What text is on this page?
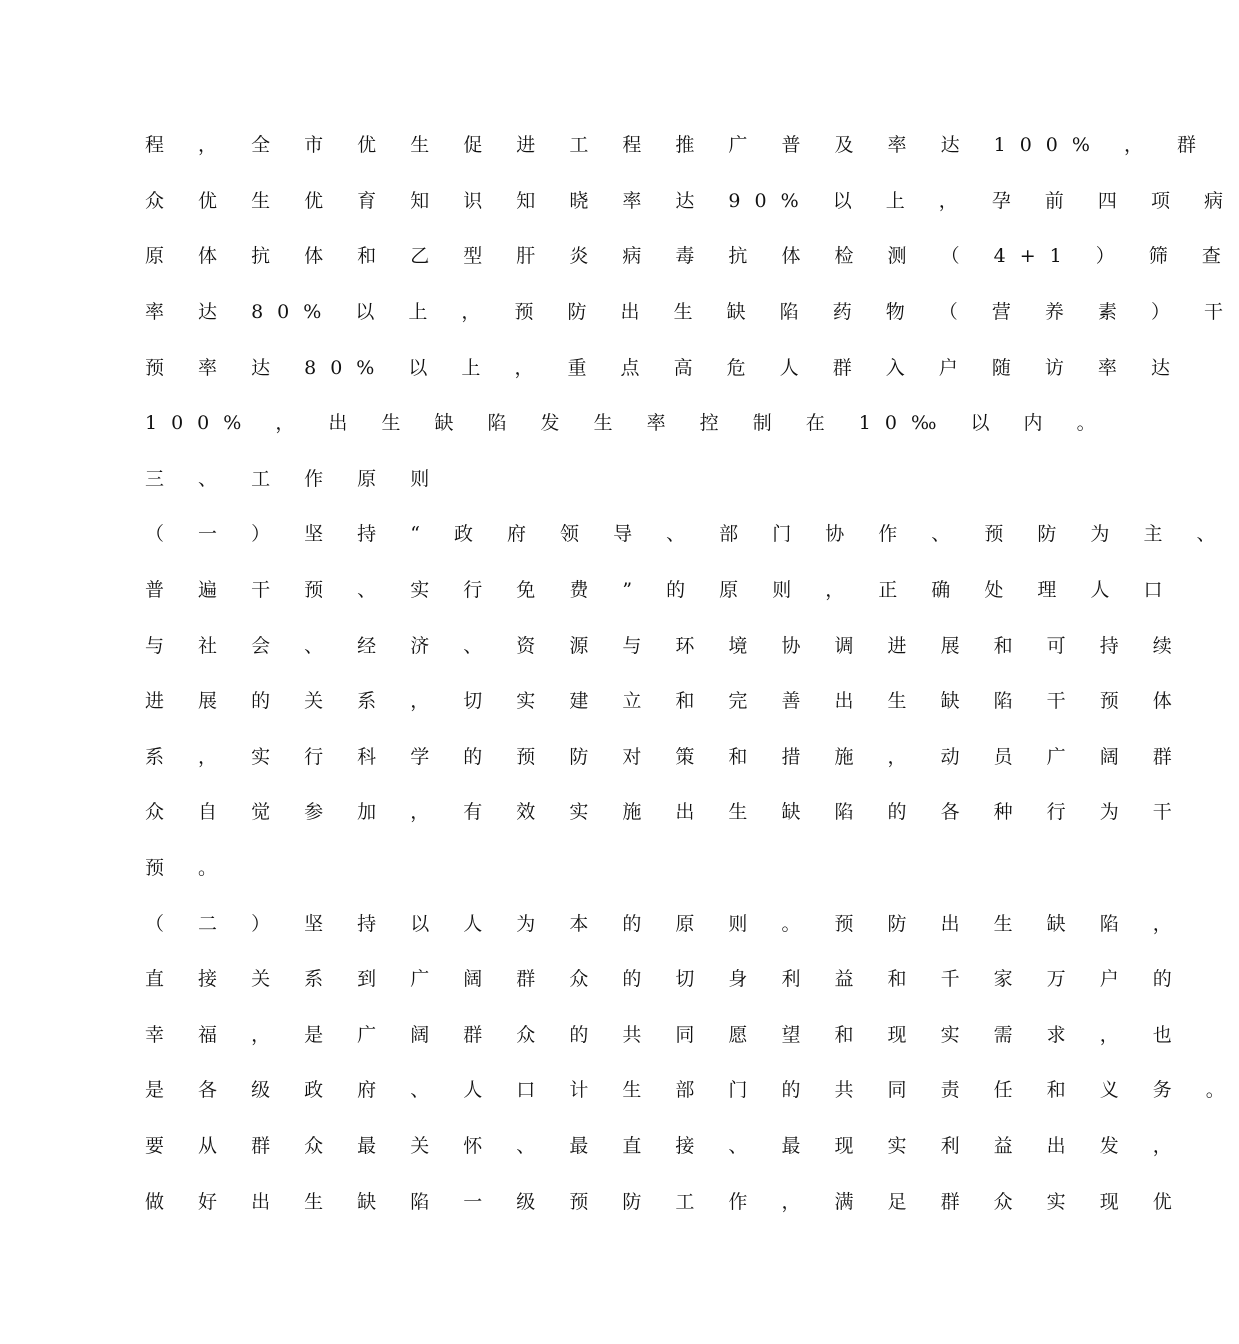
程 ， 全 市 优 生 促 进 工 程 推 广 普 及 率 达 100% ， 群

众 优 生 优 育 知 识 知 晓 率 达 90% 以 上 ， 孕 前 四 项 病

原 体 抗 体 和 乙 型 肝 炎 病 毒 抗 体 检 测 （ 4+1 ） 筛 查

率 达 80% 以 上 ， 预 防 出 生 缺 陷 药 物 （ 营 养 素 ） 干

预 率 达 80% 以 上 ， 重 点 高 危 人 群 入 户 随 访 率 达

100% ， 出 生 缺 陷 发 生 率 控 制 在 10‰ 以 内 。

三 、 工 作 原 则

（ 一 ） 坚 持 “ 政 府 领 导 、 部 门 协 作 、 预 防 为 主 、

普 遍 干 预 、 实 行 免 费 ” 的 原 则 ， 正 确 处 理 人 口

与 社 会 、 经 济 、 资 源 与 环 境 协 调 进 展 和 可 持 续

进 展 的 关 系 ， 切 实 建 立 和 完 善 出 生 缺 陷 干 预 体

系 ， 实 行 科 学 的 预 防 对 策 和 措 施 ， 动 员 广 阔 群

众 自 觉 参 加 ， 有 效 实 施 出 生 缺 陷 的 各 种 行 为 干

预 。

（ 二 ） 坚 持 以 人 为 本 的 原 则 。 预 防 出 生 缺 陷 ，

直 接 关 系 到 广 阔 群 众 的 切 身 利 益 和 千 家 万 户 的

幸 福 ， 是 广 阔 群 众 的 共 同 愿 望 和 现 实 需 求 ， 也

是 各 级 政 府 、 人 口 计 生 部 门 的 共 同 责 任 和 义 务 。

要 从 群 众 最 关 怀 、 最 直 接 、 最 现 实 利 益 出 发 ，

做 好 出 生 缺 陷 一 级 预 防 工 作 ， 满 足 群 众 实 现 优
